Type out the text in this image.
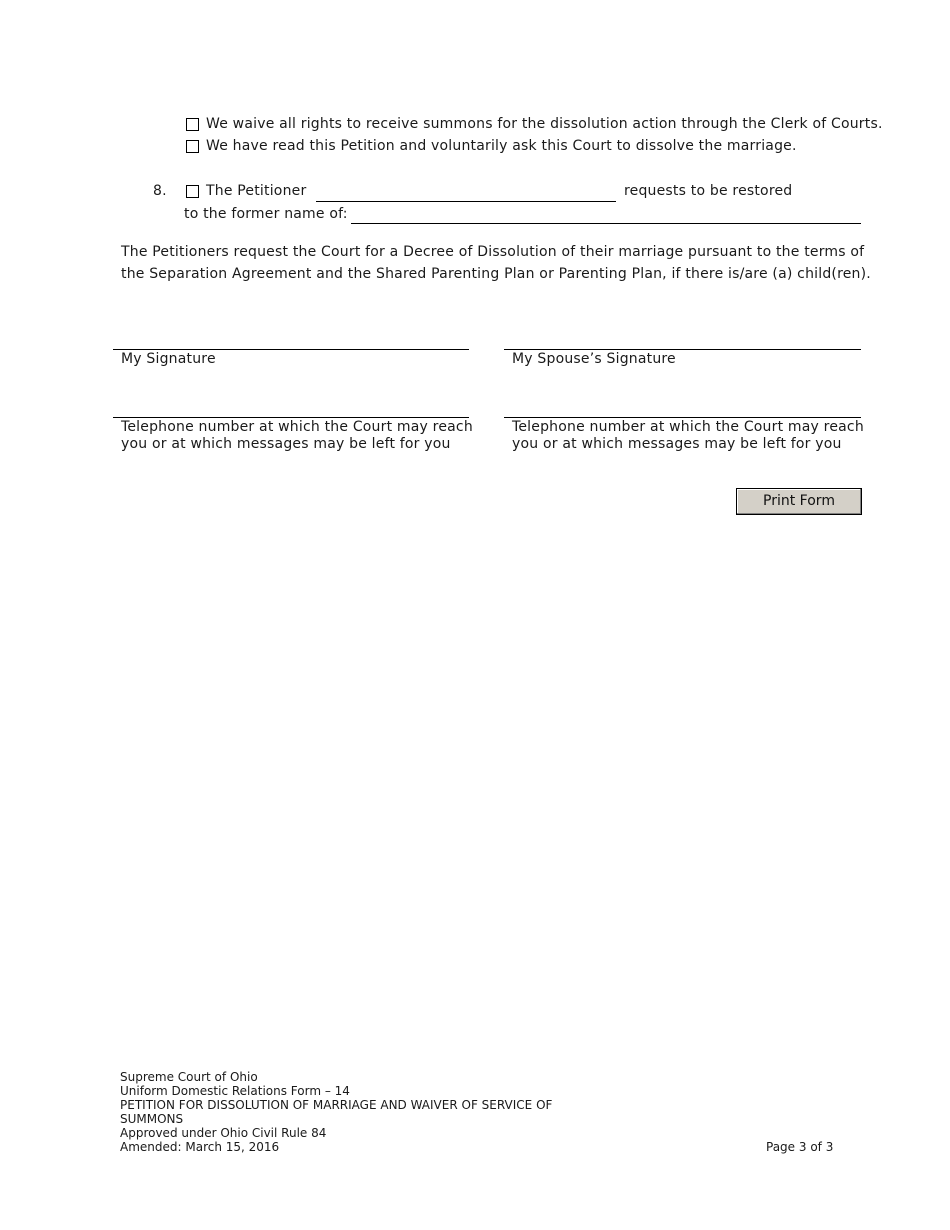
We waive all rights to receive summons for the dissolution action through the Clerk of Courts.
We have read this Petition and voluntarily ask this Court to dissolve the marriage.
8.	The Petitioner	requests to be restored
to the former name of:
The Petitioners request the Court for a Decree of Dissolution of their marriage pursuant to the terms of
the Separation Agreement and the Shared Parenting Plan or Parenting Plan, if there is/are (a) child(ren).
My Signature	My Spouse’s Signature
Telephone number at which the Court may reach
you or at which messages may be left for you
Telephone number at which the Court may reach
you or at which messages may be left for you
Print Form
Supreme Court of Ohio
Uniform Domestic Relations Form – 14
PETITION FOR DISSOLUTION OF MARRIAGE AND WAIVER OF SERVICE OF
SUMMONS
Approved under Ohio Civil Rule 84
Amended: March 15, 2016	Page 3 of 3
